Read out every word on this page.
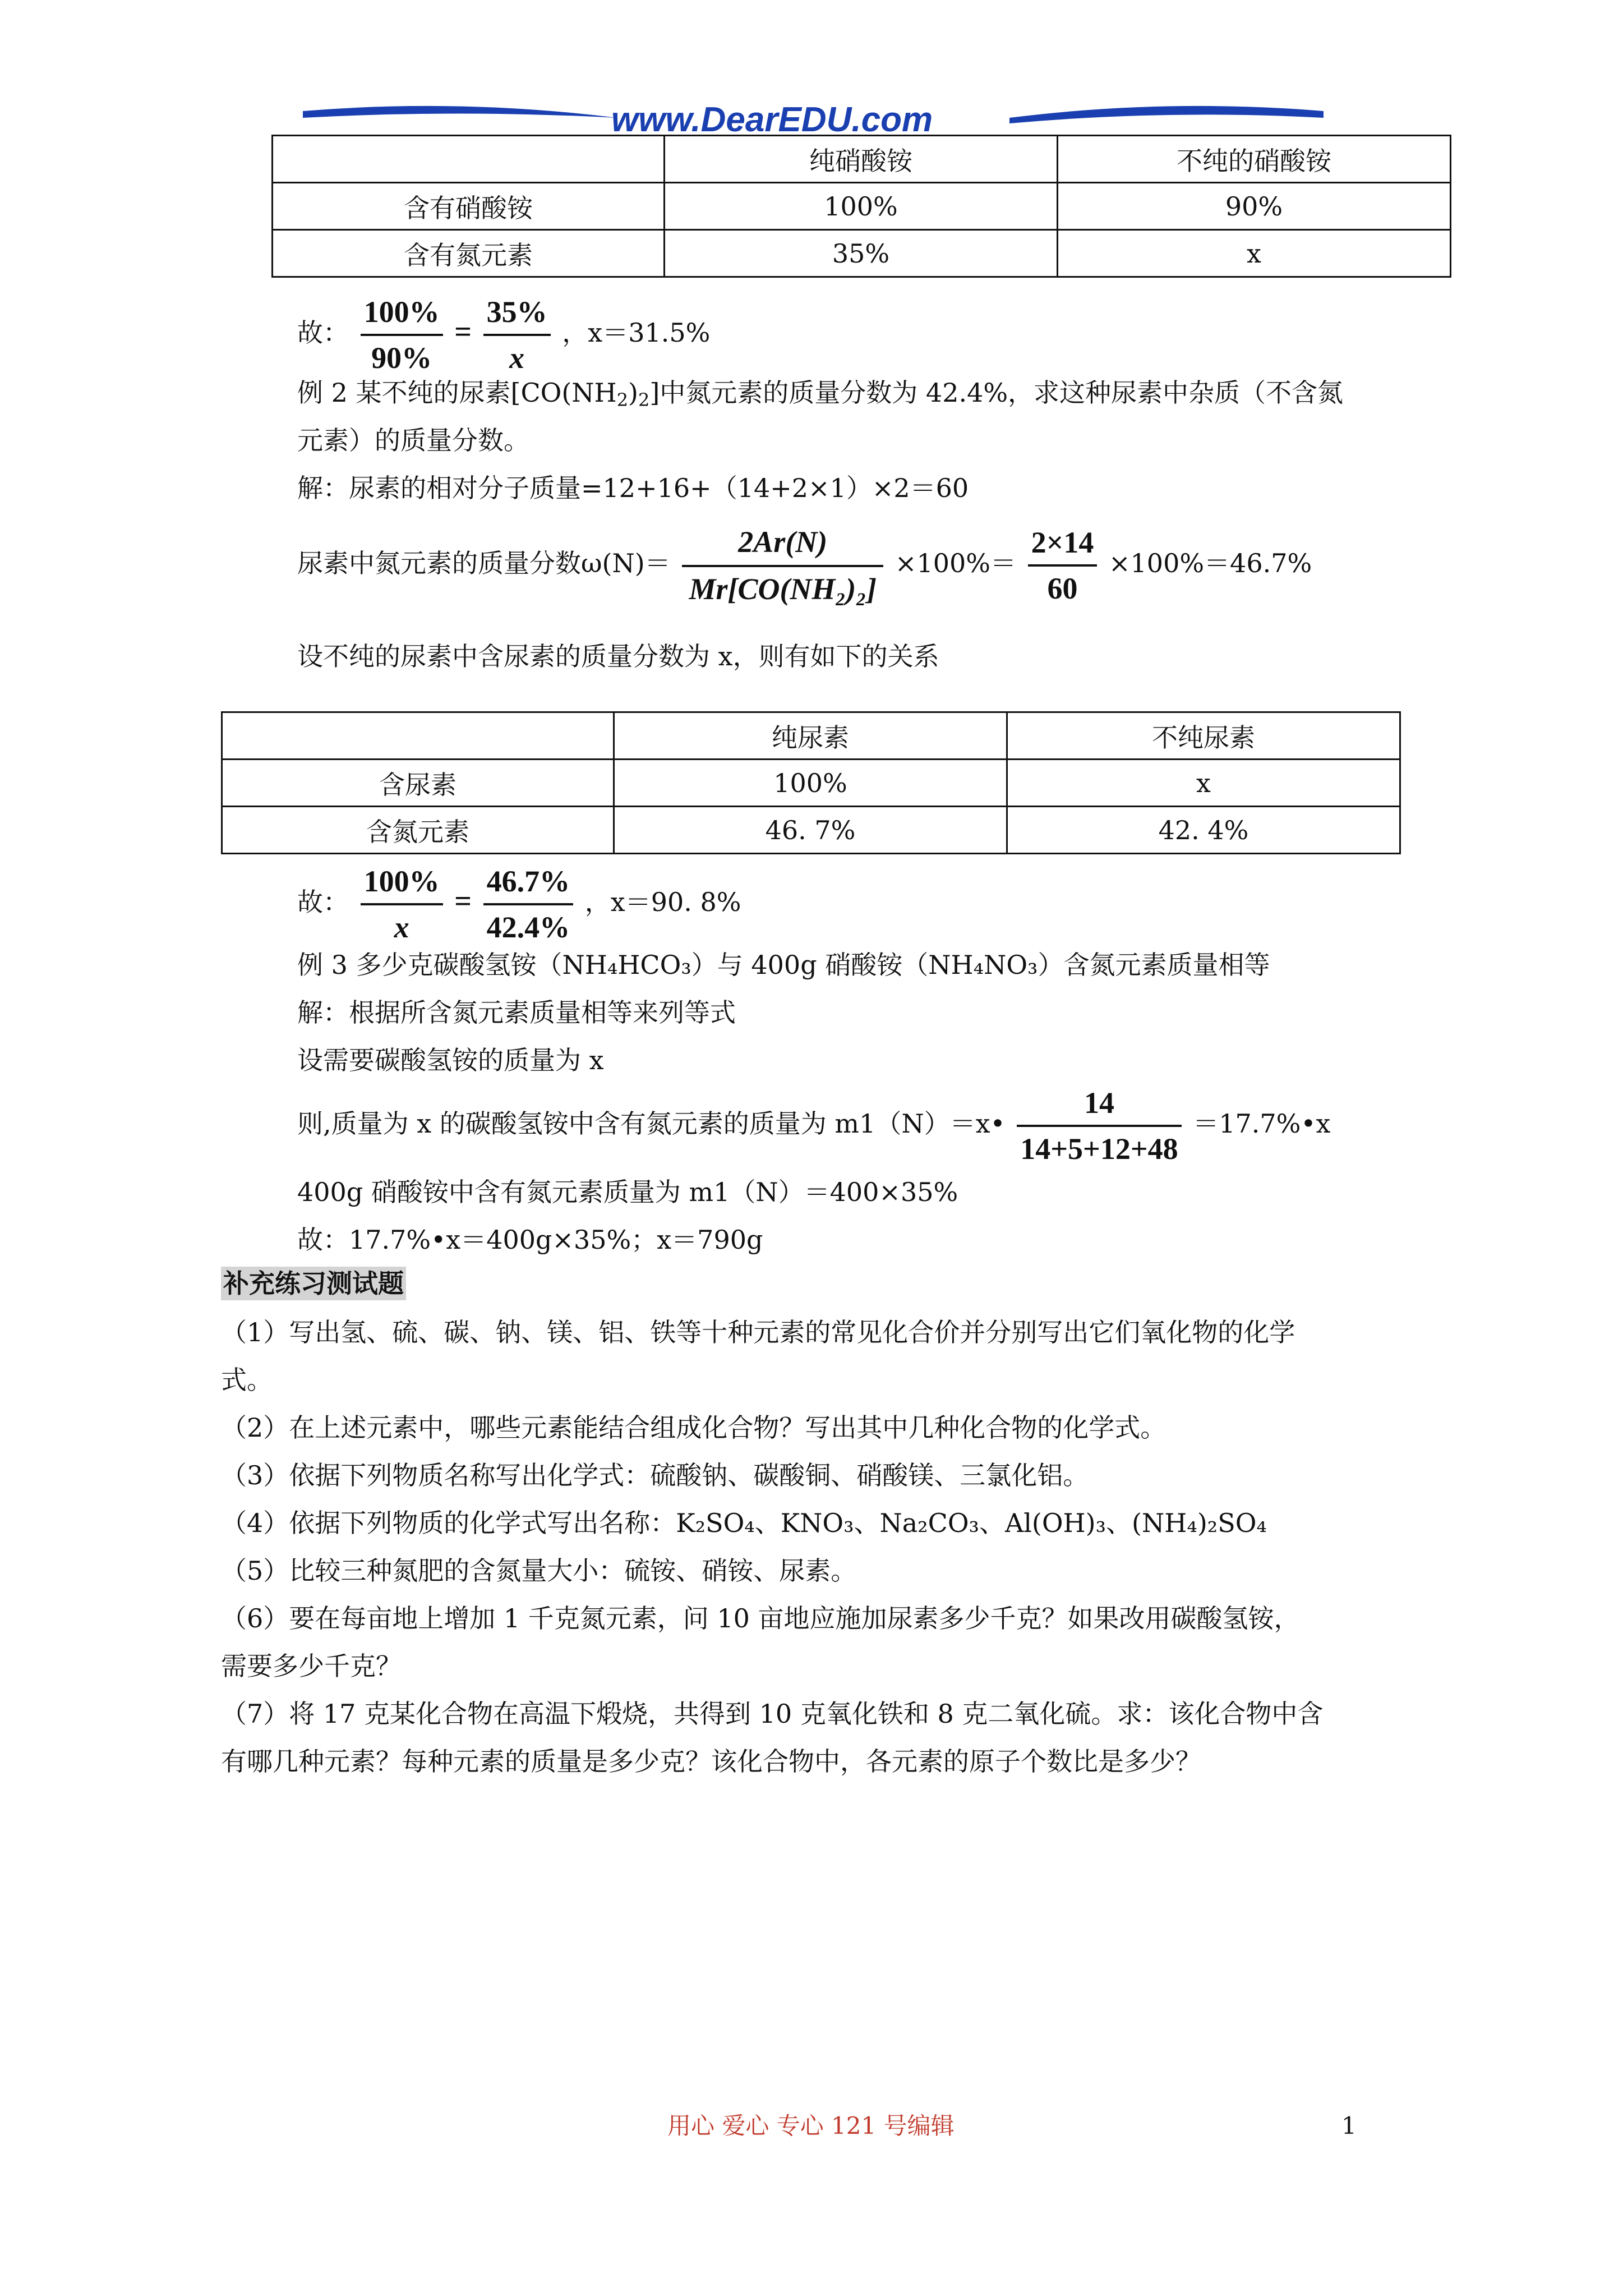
www.DearEDU.com
	纯硝酸铵	不纯的硝酸铵
含有硝酸铵	100%	90%
含有氮元素	35%	x
故： $\frac{100\%}{90\%} = \frac{35\%}{x}$ ，x＝31.5%
例 2 某不纯的尿素$[CO(NH_2)_2]$中氮元素的质量分数为 42.4%，求这种尿素中杂质（不含氮
元素）的质量分数。
解：尿素的相对分子质量=12+16+（14+2×1）×2＝60
尿素中氮元素的质量分数$\omega(N)= \frac{2Ar(N)}{\text{Mr[CO(NH₂)₂]}} \times 100\%= \frac{2\times 14}{60} \times 100\%=46.7\%$
设不纯的尿素中含尿素的质量分数为 x，则有如下的关系
	纯尿素	不纯尿素
含尿素	100%	x
含氮元素	46. 7%	42. 4%
故： $\frac{100\%}{x} = \frac{46.7\%}{42.4\%}$ ，x＝90. 8%
例 3 多少克碳酸氢铵（NH₄HCO₃）与 400g 硝酸铵（NH₄NO₃）含氮元素质量相等
解：根据所含氮元素质量相等来列等式
设需要碳酸氢铵的质量为 x
则,质量为 x 的碳酸氢铵中含有氮元素的质量为 m1（N）＝x• $\frac{14}{14+5+12+48}$ ＝17.7%•x
400g 硝酸铵中含有氮元素质量为 m1（N）＝400×35%
故：17.7%•x＝400g×35%；x＝790g
补充练习测试题
（1）写出氢、硫、碳、钠、镁、铝、铁等十种元素的常见化合价并分别写出它们氧化物的化学
式。
（2）在上述元素中，哪些元素能结合组成化合物？写出其中几种化合物的化学式。
（3）依据下列物质名称写出化学式：硫酸钠、碳酸铜、硝酸镁、三氯化铝。
（4）依据下列物质的化学式写出名称：K₂SO₄、KNO₃、Na₂CO₃、Al(OH)₃、(NH₄)₂SO₄
（5）比较三种氮肥的含氮量大小：硫铵、硝铵、尿素。
（6）要在每亩地上增加 1 千克氮元素，问 10 亩地应施加尿素多少千克？如果改用碳酸氢铵，
需要多少千克？
（7）将 17 克某化合物在高温下煅烧，共得到 10 克氧化铁和 8 克二氧化硫。求：该化合物中含
有哪几种元素？每种元素的质量是多少克？该化合物中，各元素的原子个数比是多少？
用心 爱心 专心 121 号编辑	1
